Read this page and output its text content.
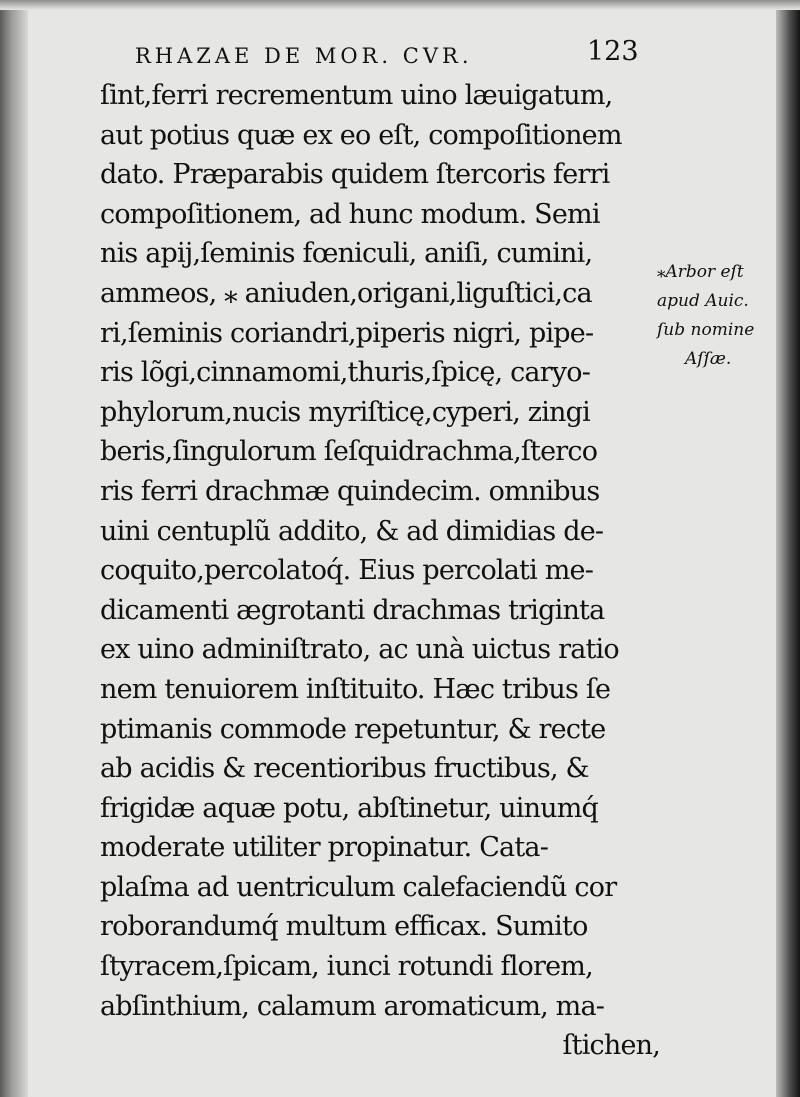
RHAZAE DE MOR. CVR.	123
ſint,ferri recrementum uino læuigatum,
aut potius quæ ex eo eſt, compoſitionem
dato. Præparabis quidem ſtercoris ferri
compoſitionem, ad hunc modum. Semi
nis apij,ſeminis fœniculi, aniſi, cumini,
ammeos, ⁎ aniuden,origani,liguſtici,ca
ri,ſeminis coriandri,piperis nigri, pipe-
ris lõgi,cinnamomi,thuris,ſpicę, caryo-
phylorum,nucis myriſticę,cyperi, zingi
beris,ſingulorum ſeſquidrachma,ſterco
ris ferri drachmæ quindecim. omnibus
uini centuplũ addito, & ad dimidias de-
coquito,percolatoq́. Eius percolati me-
dicamenti ægrotanti drachmas triginta
ex uino adminiſtrato, ac unà uictus ratio
nem tenuiorem inſtituito. Hæc tribus ſe
ptimanis commode repetuntur, & recte
ab acidis & recentioribus fructibus, &
frigidæ aquæ potu, abſtinetur, uinumq́
moderate utiliter propinatur. Cata-
plaſma ad uentriculum calefaciendũ cor
roborandumq́ multum efficax. Sumito
ſtyracem,ſpicam, iunci rotundi florem,
abſinthium, calamum aromaticum, ma-
ſtichen,
⁎Arbor eſt
apud Auic.
ſub nomine
Aſſæ.
